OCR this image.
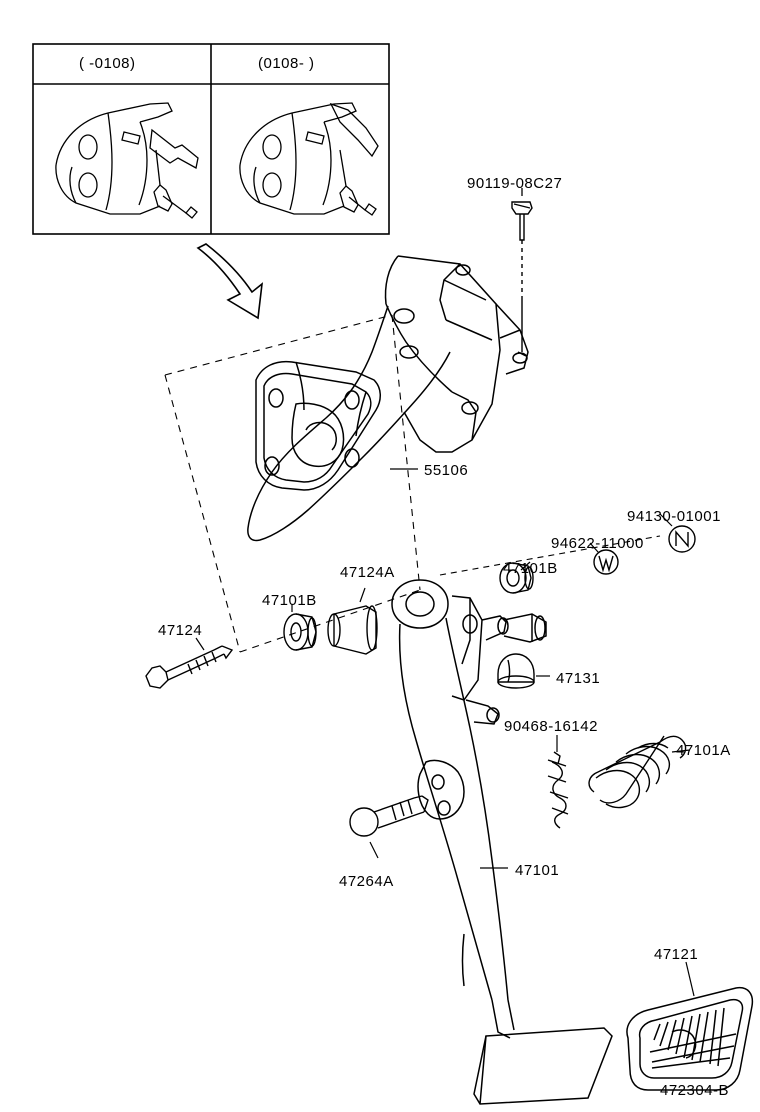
( -0108)	(0108- )
90119-08C27
55106
94130-01001
94622-11000
47101B
47124A
47101B
47124
47131
90468-16142
47101A
47264A
47101
47121
472304-B
